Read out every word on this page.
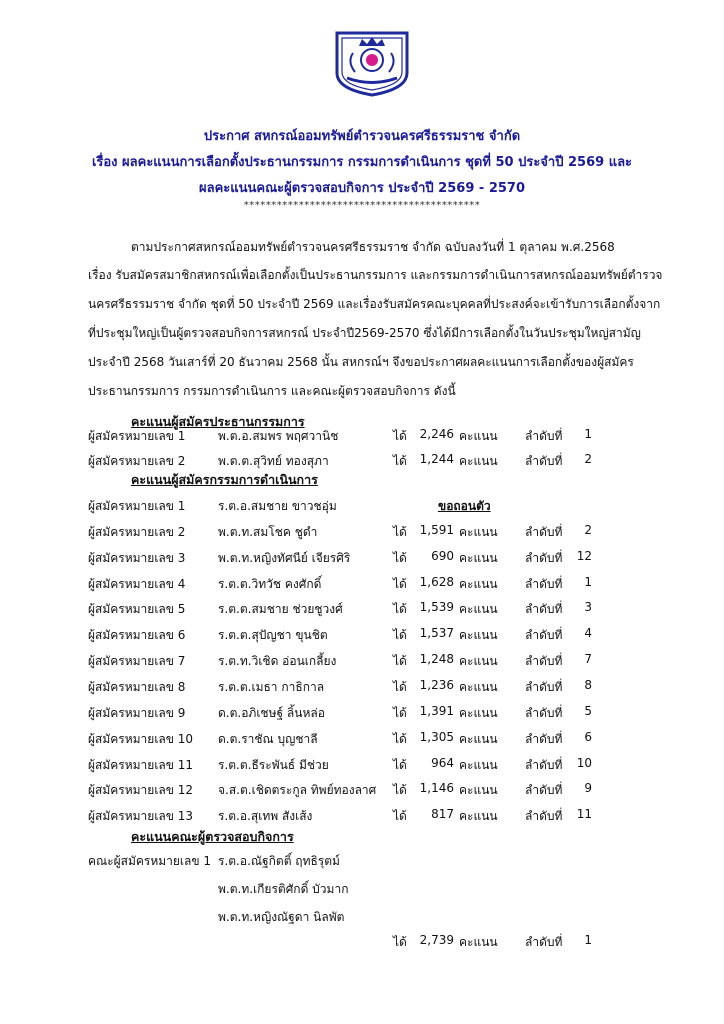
ประกาศ สหกรณ์ออมทรัพย์ตำรวจนครศรีธรรมราช จำกัด
เรื่อง ผลคะแนนการเลือกตั้งประธานกรรมการ กรรมการดำเนินการ ชุดที่ 50 ประจำปี 2569 และ
ผลคะแนนคณะผู้ตรวจสอบกิจการ ประจำปี 2569 - 2570
*******************************************
ตามประกาศสหกรณ์ออมทรัพย์ตำรวจนครศรีธรรมราช จำกัด ฉบับลงวันที่ 1 ตุลาคม พ.ศ.2568
เรื่อง รับสมัครสมาชิกสหกรณ์เพื่อเลือกตั้งเป็นประธานกรรมการ และกรรมการดำเนินการสหกรณ์ออมทรัพย์ตำรวจ
นครศรีธรรมราช จำกัด ชุดที่ 50 ประจำปี 2569 และเรื่องรับสมัครคณะบุคคลที่ประสงค์จะเข้ารับการเลือกตั้งจาก
ที่ประชุมใหญ่เป็นผู้ตรวจสอบกิจการสหกรณ์ ประจำปี2569-2570 ซึ่งได้มีการเลือกตั้งในวันประชุมใหญ่สามัญ
ประจำปี 2568 วันเสาร์ที่ 20 ธันวาคม 2568 นั้น สหกรณ์ฯ จึงขอประกาศผลคะแนนการเลือกตั้งของผู้สมัคร
ประธานกรรมการ กรรมการดำเนินการ และคณะผู้ตรวจสอบกิจการ ดังนี้
คะแนนผู้สมัครประธานกรรมการ
ผู้สมัครหมายเลข 1	พ.ต.อ.สมพร พฤศวานิช	ได้	2,246 คะแนน ลำดับที่	1
ผู้สมัครหมายเลข 2	พ.ต.ต.สุวิทย์ ทองสุภา	ได้	1,244 คะแนน ลำดับที่	2
คะแนนผู้สมัครกรรมการดำเนินการ
ผู้สมัครหมายเลข 1	ร.ต.อ.สมชาย ขาวชอุ่ม	ขอถอนตัว
ผู้สมัครหมายเลข 2	พ.ต.ท.สมโชค ชูดำ	ได้	1,591 คะแนน ลำดับที่	2
ผู้สมัครหมายเลข 3	พ.ต.ท.หญิงทัศนีย์ เจียรศิริ	ได้	690 คะแนน ลำดับที่ 12
ผู้สมัครหมายเลข 4	ร.ต.ต.วิทวัช คงศักดิ์	ได้	1,628 คะแนน ลำดับที่	1
ผู้สมัครหมายเลข 5	ร.ต.ต.สมชาย ช่วยชูวงศ์	ได้	1,539 คะแนน ลำดับที่	3
ผู้สมัครหมายเลข 6	ร.ต.ต.สุปัญชา ขุนชิต	ได้	1,537 คะแนน ลำดับที่	4
ผู้สมัครหมายเลข 7	ร.ต.ท.วิเชิด อ่อนเกลี้ยง	ได้	1,248 คะแนน ลำดับที่	7
ผู้สมัครหมายเลข 8	ร.ต.ต.เมธา กาธิกาล	ได้	1,236 คะแนน ลำดับที่	8
ผู้สมัครหมายเลข 9	ด.ต.อภิเชษฐ์ ลิ้นหล่อ	ได้	1,391 คะแนน ลำดับที่	5
ผู้สมัครหมายเลข 10 ด.ต.ราชัณ บุญชาลี	ได้	1,305 คะแนน ลำดับที่	6
ผู้สมัครหมายเลข 11 ร.ต.ต.ธีระพันธ์ มีช่วย	ได้	964 คะแนน ลำดับที่ 10
ผู้สมัครหมายเลข 12 จ.ส.ต.เชิดตระกูล ทิพย์ทองลาศ ได้	1,146 คะแนน ลำดับที่	9
ผู้สมัครหมายเลข 13 ร.ต.อ.สุเทพ สังเส้ง	ได้	817 คะแนน ลำดับที่ 11
คะแนนคณะผู้ตรวจสอบกิจการ
คณะผู้สมัครหมายเลข 1 ร.ต.อ.ณัฐกิตติ์ ฤทธิรุตม์
พ.ต.ท.เกียรติศักดิ์ บัวมาก
พ.ต.ท.หญิงณัฐดา นิลพัต
ได้	2,739 คะแนน ลำดับที่	1
